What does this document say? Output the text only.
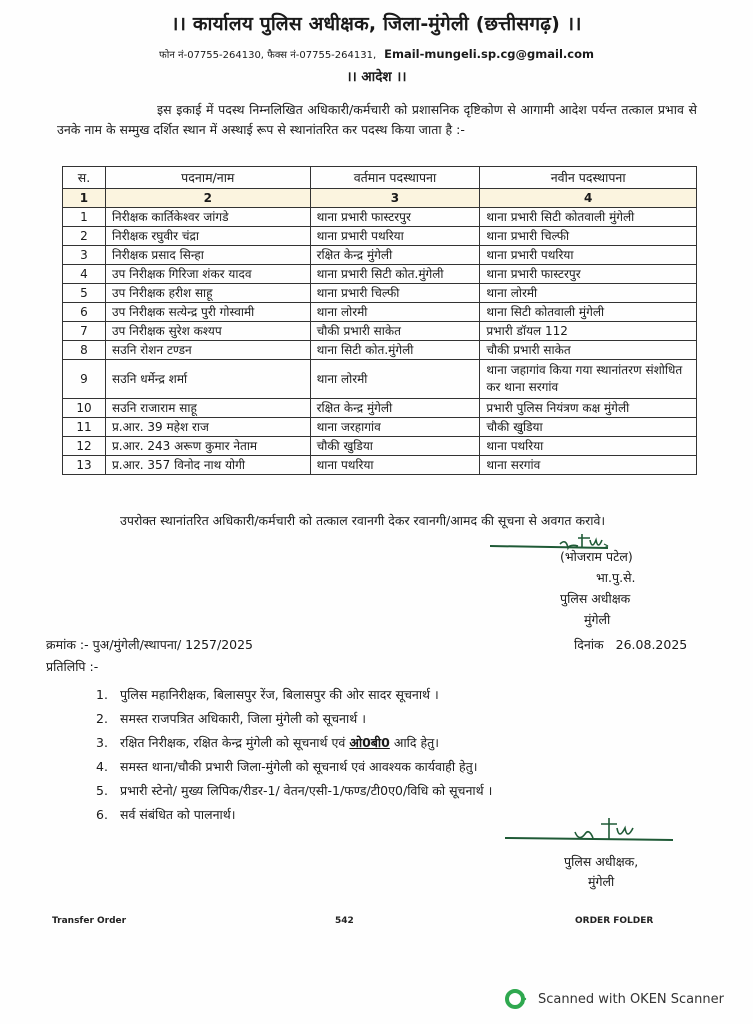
।। कार्यालय पुलिस अधीक्षक, जिला-मुंगेली (छत्तीसगढ़) ।।
फोन नं-07755-264130, फैक्स नं-07755-264131, Email-mungeli.sp.cg@gmail.com
।। आदेश ।।
इस इकाई में पदस्थ निम्नलिखित अधिकारी/कर्मचारी को प्रशासनिक दृष्टिकोण से आगामी आदेश पर्यन्त तत्काल प्रभाव से उनके नाम के सम्मुख दर्शित स्थान में अस्थाई रूप से स्थानांतरित कर पदस्थ किया जाता है :-
स.	पदनाम/नाम	वर्तमान पदस्थापना	नवीन पदस्थापना
1	2	3	4
1	निरीक्षक कार्तिकेश्वर जांगडे	थाना प्रभारी फास्टरपुर	थाना प्रभारी सिटी कोतवाली मुंगेली
2	निरीक्षक रघुवीर चंद्रा	थाना प्रभारी पथरिया	थाना प्रभारी चिल्फी
3	निरीक्षक प्रसाद सिन्हा	रक्षित केन्द्र मुंगेली	थाना प्रभारी पथरिया
4	उप निरीक्षक गिरिजा शंकर यादव	थाना प्रभारी सिटी कोत.मुंगेली	थाना प्रभारी फास्टरपुर
5	उप निरीक्षक हरीश साहू	थाना प्रभारी चिल्फी	थाना लोरमी
6	उप निरीक्षक सत्येन्द्र पुरी गोस्वामी	थाना लोरमी	थाना सिटी कोतवाली मुंगेली
7	उप निरीक्षक सुरेश कश्यप	चौकी प्रभारी साकेत	प्रभारी डॉयल 112
8	सउनि रोशन टण्डन	थाना सिटी कोत.मुंगेली	चौकी प्रभारी साकेत
9	सउनि धर्मेन्द्र शर्मा	थाना लोरमी	थाना जहागांव किया गया स्थानांतरण संशोधित कर थाना सरगांव
10	सउनि राजाराम साहू	रक्षित केन्द्र मुंगेली	प्रभारी पुलिस नियंत्रण कक्ष मुंगेली
11	प्र.आर. 39 महेश राज	थाना जरहागांव	चौकी खुडिया
12	प्र.आर. 243 अरूण कुमार नेताम	चौकी खुडिया	थाना पथरिया
13	प्र.आर. 357 विनोद नाथ योगी	थाना पथरिया	थाना सरगांव
उपरोक्त स्थानांतरित अधिकारी/कर्मचारी को तत्काल रवानगी देकर रवानगी/आमद की सूचना से अवगत करावे।
(भोजराम पटेल)
भा.पु.से.
पुलिस अधीक्षक
मुंगेली
क्रमांक :- पुअ/मुंगेली/स्थापना/ 1257/2025	दिनांक 26.08.2025
प्रतिलिपि :-
1. पुलिस महानिरीक्षक, बिलासपुर रेंज, बिलासपुर की ओर सादर सूचनार्थ ।
2. समस्त राजपत्रित अधिकारी, जिला मुंगेली को सूचनार्थ ।
3. रक्षित निरीक्षक, रक्षित केन्द्र मुंगेली को सूचनार्थ एवं ओ0बी0 आदि हेतु।
4. समस्त थाना/चौकी प्रभारी जिला-मुंगेली को सूचनार्थ एवं आवश्यक कार्यवाही हेतु।
5. प्रभारी स्टेनो/ मुख्य लिपिक/रीडर-1/ वेतन/एसी-1/फण्ड/टी0ए0/विधि को सूचनार्थ ।
6. सर्व संबंधित को पालनार्थ।
पुलिस अधीक्षक,
मुंगेली
Transfer Order	542	ORDER FOLDER
Scanned with OKEN Scanner
